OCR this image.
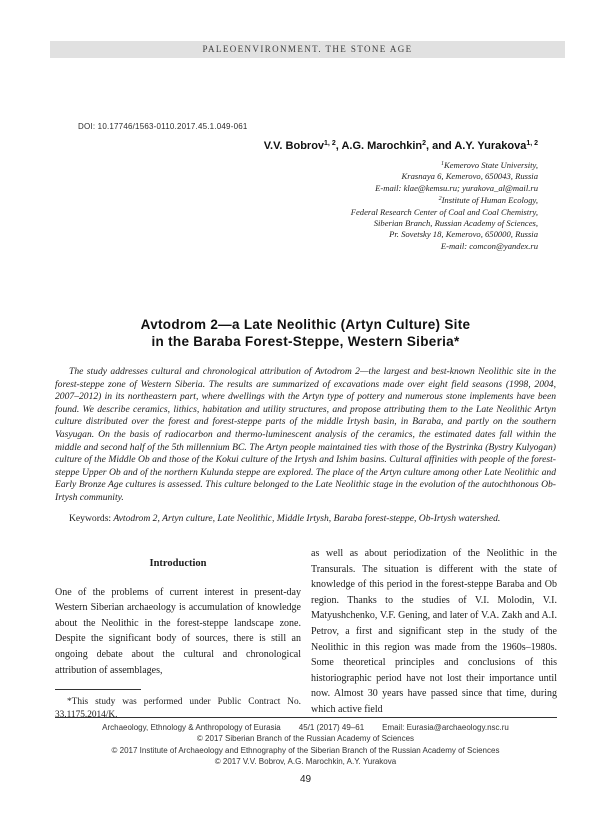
PALEOENVIRONMENT. THE STONE AGE
DOI: 10.17746/1563-0110.2017.45.1.049-061
V.V. Bobrov$^{1, 2}$, A.G. Marochkin$^2$, and A.Y. Yurakova$^{1, 2}$
$^1$Kemerovo State University,
Krasnaya 6, Kemerovo, 650043, Russia
E-mail: klae@kemsu.ru; yurakova_al@mail.ru
$^2$Institute of Human Ecology,
Federal Research Center of Coal and Coal Chemistry,
Siberian Branch, Russian Academy of Sciences,
Pr. Sovetsky 18, Kemerovo, 650000, Russia
E-mail: comcon@yandex.ru
Avtodrom 2—a Late Neolithic (Artyn Culture) Site
in the Baraba Forest-Steppe, Western Siberia*
The study addresses cultural and chronological attribution of Avtodrom 2—the largest and best-known Neolithic site in the forest-steppe zone of Western Siberia. The results are summarized of excavations made over eight field seasons (1998, 2004, 2007–2012) in its northeastern part, where dwellings with the Artyn type of pottery and numerous stone implements have been found. We describe ceramics, lithics, habitation and utility structures, and propose attributing them to the Late Neolithic Artyn culture distributed over the forest and forest-steppe parts of the middle Irtysh basin, in Baraba, and partly on the southern Vasyugan. On the basis of radiocarbon and thermo-luminescent analysis of the ceramics, the estimated dates fall within the middle and second half of the 5th millennium BC. The Artyn people maintained ties with those of the Bystrinka (Bystry Kulyogan) culture of the Middle Ob and those of the Kokui culture of the Irtysh and Ishim basins. Cultural affinities with people of the forest-steppe Upper Ob and of the northern Kulunda steppe are explored. The place of the Artyn culture among other Late Neolithic and Early Bronze Age cultures is assessed. This culture belonged to the Late Neolithic stage in the evolution of the autochthonous Ob-Irtysh community.
Keywords: Avtodrom 2, Artyn culture, Late Neolithic, Middle Irtysh, Baraba forest-steppe, Ob-Irtysh watershed.
Introduction

One of the problems of current interest in present-day Western Siberian archaeology is accumulation of knowledge about the Neolithic in the forest-steppe landscape zone. Despite the significant body of sources, there is still an ongoing debate about the cultural and chronological attribution of assemblages,

*This study was performed under Public Contract No. 33.1175.2014/K.

as well as about periodization of the Neolithic in the Transurals. The situation is different with the state of knowledge of this period in the forest-steppe Baraba and Ob region. Thanks to the studies of V.I. Molodin, V.I. Matyushchenko, V.F. Gening, and later of V.A. Zakh and A.I. Petrov, a first and significant step in the study of the Neolithic in this region was made from the 1960s–1980s. Some theoretical principles and conclusions of this historiographic period have not lost their importance until now. Almost 30 years have passed since that time, during which active field

Archaeology, Ethnology & Anthropology of Eurasia 45/1 (2017) 49–61 Email: Eurasia@archaeology.nsc.ru
© 2017 Siberian Branch of the Russian Academy of Sciences
© 2017 Institute of Archaeology and Ethnography of the Siberian Branch of the Russian Academy of Sciences
© 2017 V.V. Bobrov, A.G. Marochkin, A.Y. Yurakova
49
